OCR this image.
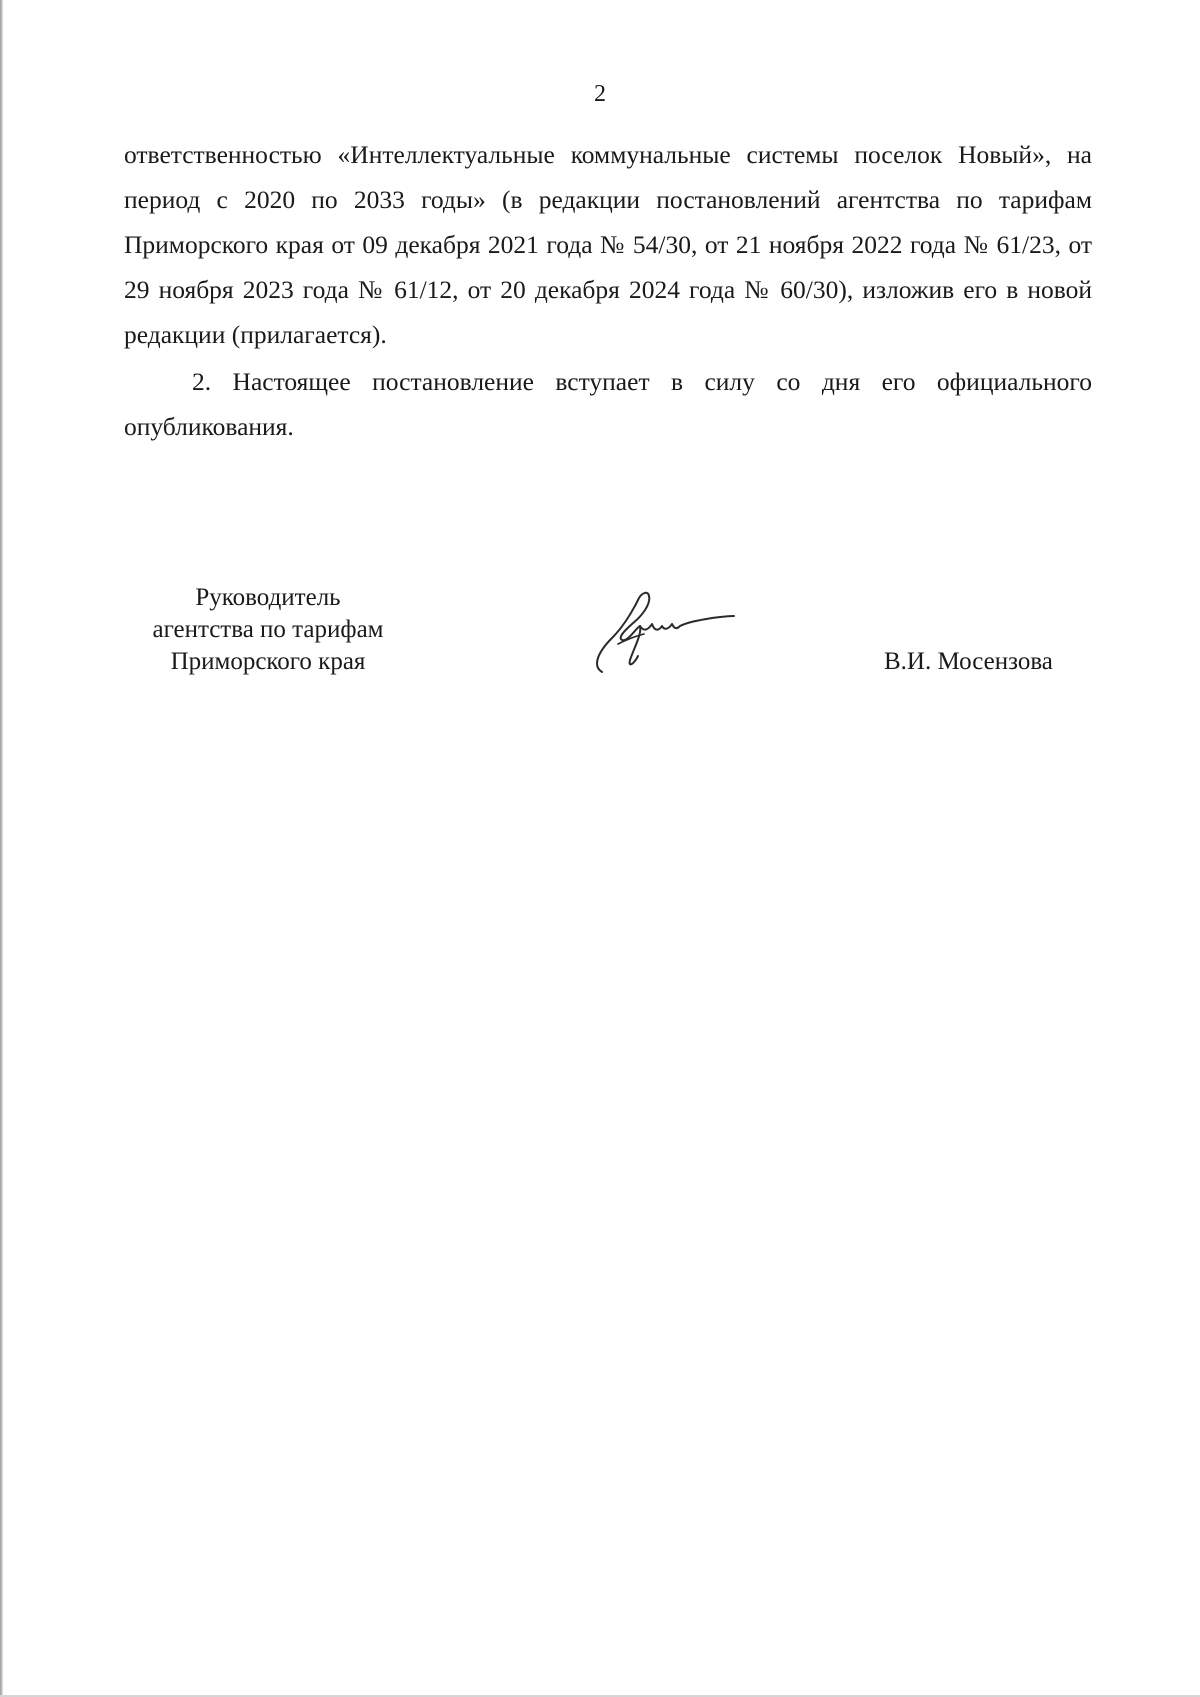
2

ответственностью «Интеллектуальные коммунальные системы поселок Новый», на период с 2020 по 2033 годы» (в редакции постановлений агентства по тарифам Приморского края от 09 декабря 2021 года № 54/30, от 21 ноября 2022 года № 61/23, от 29 ноября 2023 года № 61/12, от 20 декабря 2024 года № 60/30), изложив его в новой редакции (прилагается).

2. Настоящее постановление вступает в силу со дня его официального опубликования.

Руководитель
агентства по тарифам
Приморского края	В.И. Мосензова
